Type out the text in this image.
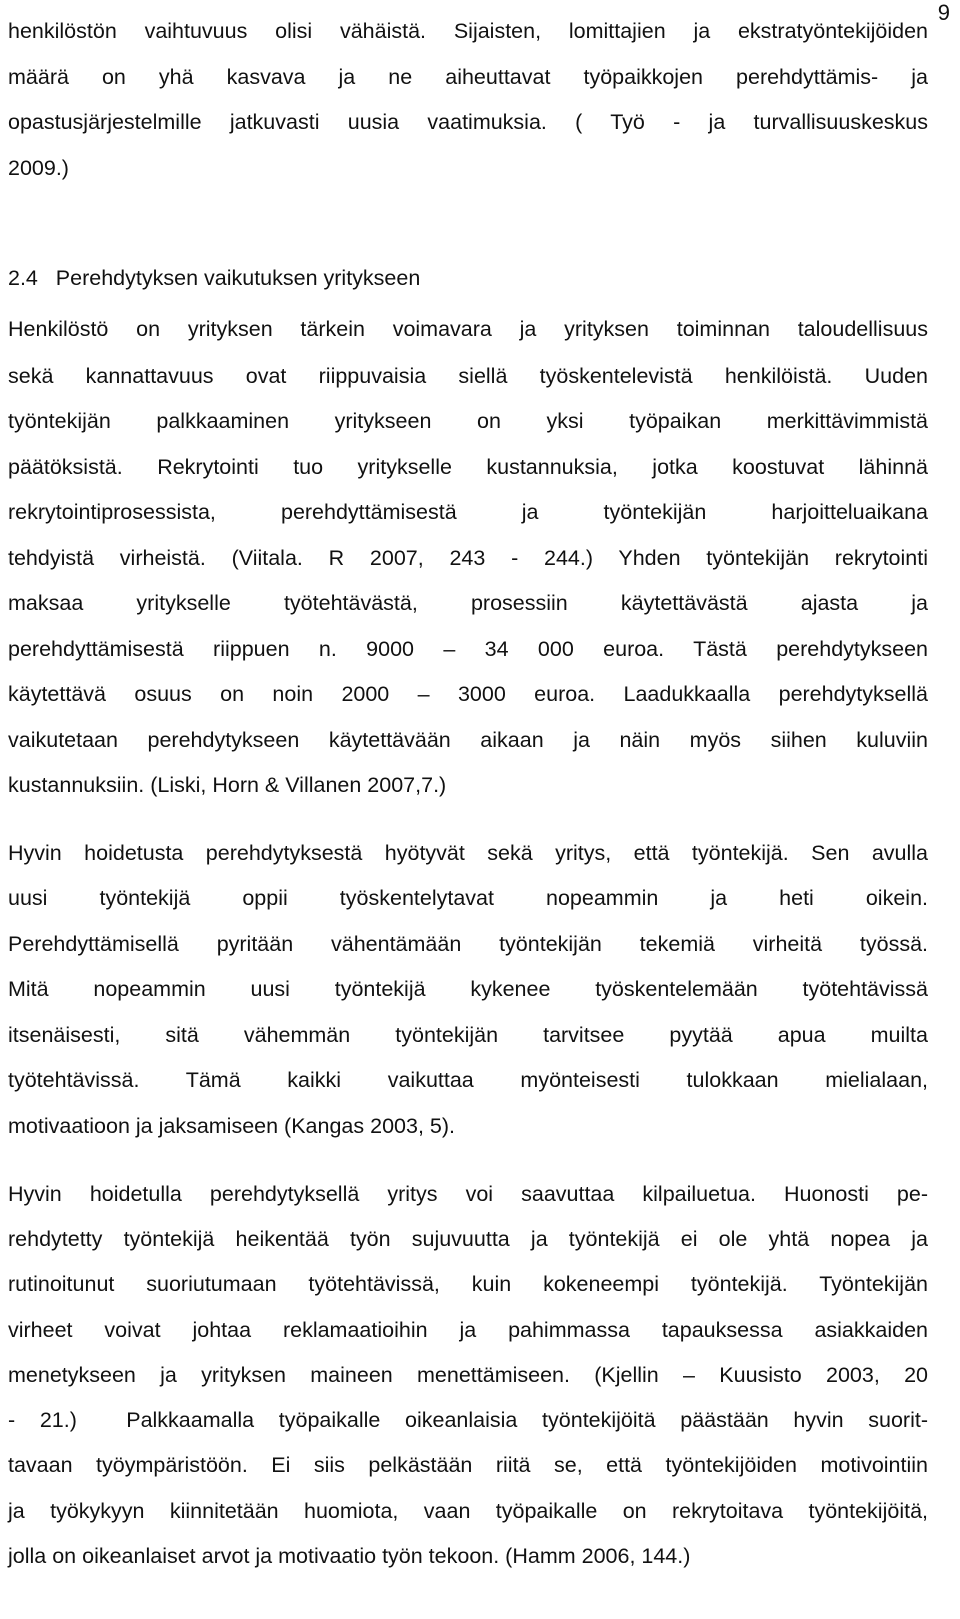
9
henkilöstön vaihtuvuus olisi vähäistä. Sijaisten, lomittajien ja ekstratyöntekijöiden
määrä on yhä kasvava ja ne aiheuttavat työpaikkojen perehdyttämis- ja
opastusjärjestelmille jatkuvasti uusia vaatimuksia. ( Työ - ja turvallisuuskeskus
2009.)
2.4   Perehdytyksen vaikutuksen yritykseen
Henkilöstö on yrityksen tärkein voimavara ja yrityksen toiminnan taloudellisuus
sekä kannattavuus ovat riippuvaisia siellä työskentelevistä henkilöistä. Uuden
työntekijän palkkaaminen yritykseen on yksi työpaikan merkittävimmistä
päätöksistä. Rekrytointi tuo yritykselle kustannuksia, jotka koostuvat lähinnä
rekrytointiprosessista, perehdyttämisestä ja työntekijän harjoitteluaikana
tehdyistä virheistä. (Viitala. R 2007, 243 - 244.) Yhden työntekijän rekrytointi
maksaa yritykselle työtehtävästä, prosessiin käytettävästä ajasta ja
perehdyttämisestä riippuen n. 9000 – 34 000 euroa. Tästä perehdytykseen
käytettävä osuus on noin 2000 – 3000 euroa. Laadukkaalla perehdytyksellä
vaikutetaan perehdytykseen käytettävään aikaan ja näin myös siihen kuluviin
kustannuksiin. (Liski, Horn & Villanen 2007,7.)
Hyvin hoidetusta perehdytyksestä hyötyvät sekä yritys, että työntekijä. Sen avulla
uusi työntekijä oppii työskentelytavat nopeammin ja heti oikein.
Perehdyttämisellä pyritään vähentämään työntekijän tekemiä virheitä työssä.
Mitä nopeammin uusi työntekijä kykenee työskentelemään työtehtävissä
itsenäisesti, sitä vähemmän työntekijän tarvitsee pyytää apua muilta
työtehtävissä. Tämä kaikki vaikuttaa myönteisesti tulokkaan mielialaan,
motivaatioon ja jaksamiseen (Kangas 2003, 5).
Hyvin hoidetulla perehdytyksellä yritys voi saavuttaa kilpailuetua. Huonosti pe-
rehdytetty työntekijä heikentää työn sujuvuutta ja työntekijä ei ole yhtä nopea ja
rutinoitunut suoriutumaan työtehtävissä, kuin kokeneempi työntekijä. Työntekijän
virheet voivat johtaa reklamaatioihin ja pahimmassa tapauksessa asiakkaiden
menetykseen ja yrityksen maineen menettämiseen. (Kjellin – Kuusisto 2003, 20
- 21.)  Palkkaamalla työpaikalle oikeanlaisia työntekijöitä päästään hyvin suorit-
tavaan työympäristöön. Ei siis pelkästään riitä se, että työntekijöiden motivointiin
ja työkykyyn kiinnitetään huomiota, vaan työpaikalle on rekrytoitava työntekijöitä,
jolla on oikeanlaiset arvot ja motivaatio työn tekoon. (Hamm 2006, 144.)
